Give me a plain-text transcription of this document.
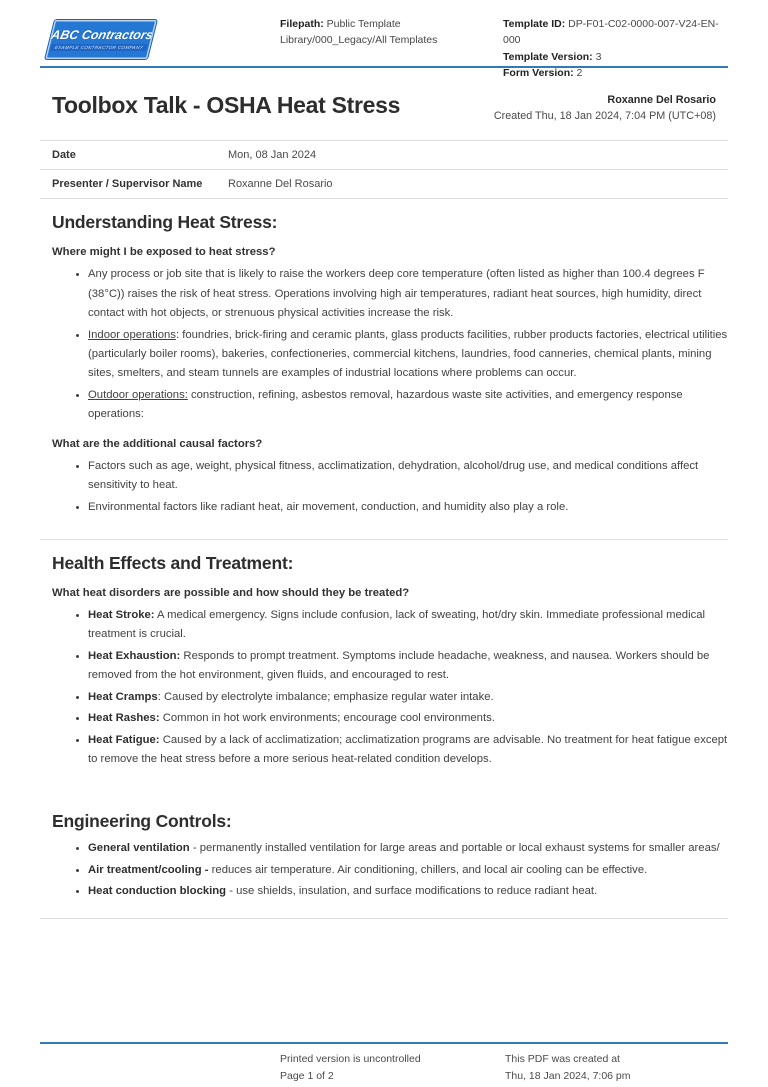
ABC Contractors
EXAMPLE CONTRACTOR COMPANY
Filepath: Public Template Library/000_Legacy/All Templates
Template ID: DP-F01-C02-0000-007-V24-EN-000
Template Version: 3
Form Version: 2
Toolbox Talk - OSHA Heat Stress	Roxanne Del Rosario
Created Thu, 18 Jan 2024, 7:04 PM (UTC+08)
Date	Mon, 08 Jan 2024
Presenter / Supervisor Name	Roxanne Del Rosario
Understanding Heat Stress:

Where might I be exposed to heat stress?

• Any process or job site that is likely to raise the workers deep core temperature (often listed as higher than 100.4 degrees F (38°C)) raises the risk of heat stress. Operations involving high air temperatures, radiant heat sources, high humidity, direct contact with hot objects, or strenuous physical activities increase the risk.
• Indoor operations: foundries, brick-firing and ceramic plants, glass products facilities, rubber products factories, electrical utilities (particularly boiler rooms), bakeries, confectioneries, commercial kitchens, laundries, food canneries, chemical plants, mining sites, smelters, and steam tunnels are examples of industrial locations where problems can occur.
• Outdoor operations: construction, refining, asbestos removal, hazardous waste site activities, and emergency response operations:

What are the additional causal factors?

• Factors such as age, weight, physical fitness, acclimatization, dehydration, alcohol/drug use, and medical conditions affect sensitivity to heat.
• Environmental factors like radiant heat, air movement, conduction, and humidity also play a role.
Health Effects and Treatment:

What heat disorders are possible and how should they be treated?

• Heat Stroke: A medical emergency. Signs include confusion, lack of sweating, hot/dry skin. Immediate professional medical treatment is crucial.
• Heat Exhaustion: Responds to prompt treatment. Symptoms include headache, weakness, and nausea. Workers should be removed from the hot environment, given fluids, and encouraged to rest.
• Heat Cramps: Caused by electrolyte imbalance; emphasize regular water intake.
• Heat Rashes: Common in hot work environments; encourage cool environments.
• Heat Fatigue: Caused by a lack of acclimatization; acclimatization programs are advisable. No treatment for heat fatigue except to remove the heat stress before a more serious heat-related condition develops.
Engineering Controls:
• General ventilation - permanently installed ventilation for large areas and portable or local exhaust systems for smaller areas/
• Air treatment/cooling - reduces air temperature. Air conditioning, chillers, and local air cooling can be effective.
• Heat conduction blocking - use shields, insulation, and surface modifications to reduce radiant heat.
Printed version is uncontrolled
Page 1 of 2
This PDF was created at
Thu, 18 Jan 2024, 7:06 pm
